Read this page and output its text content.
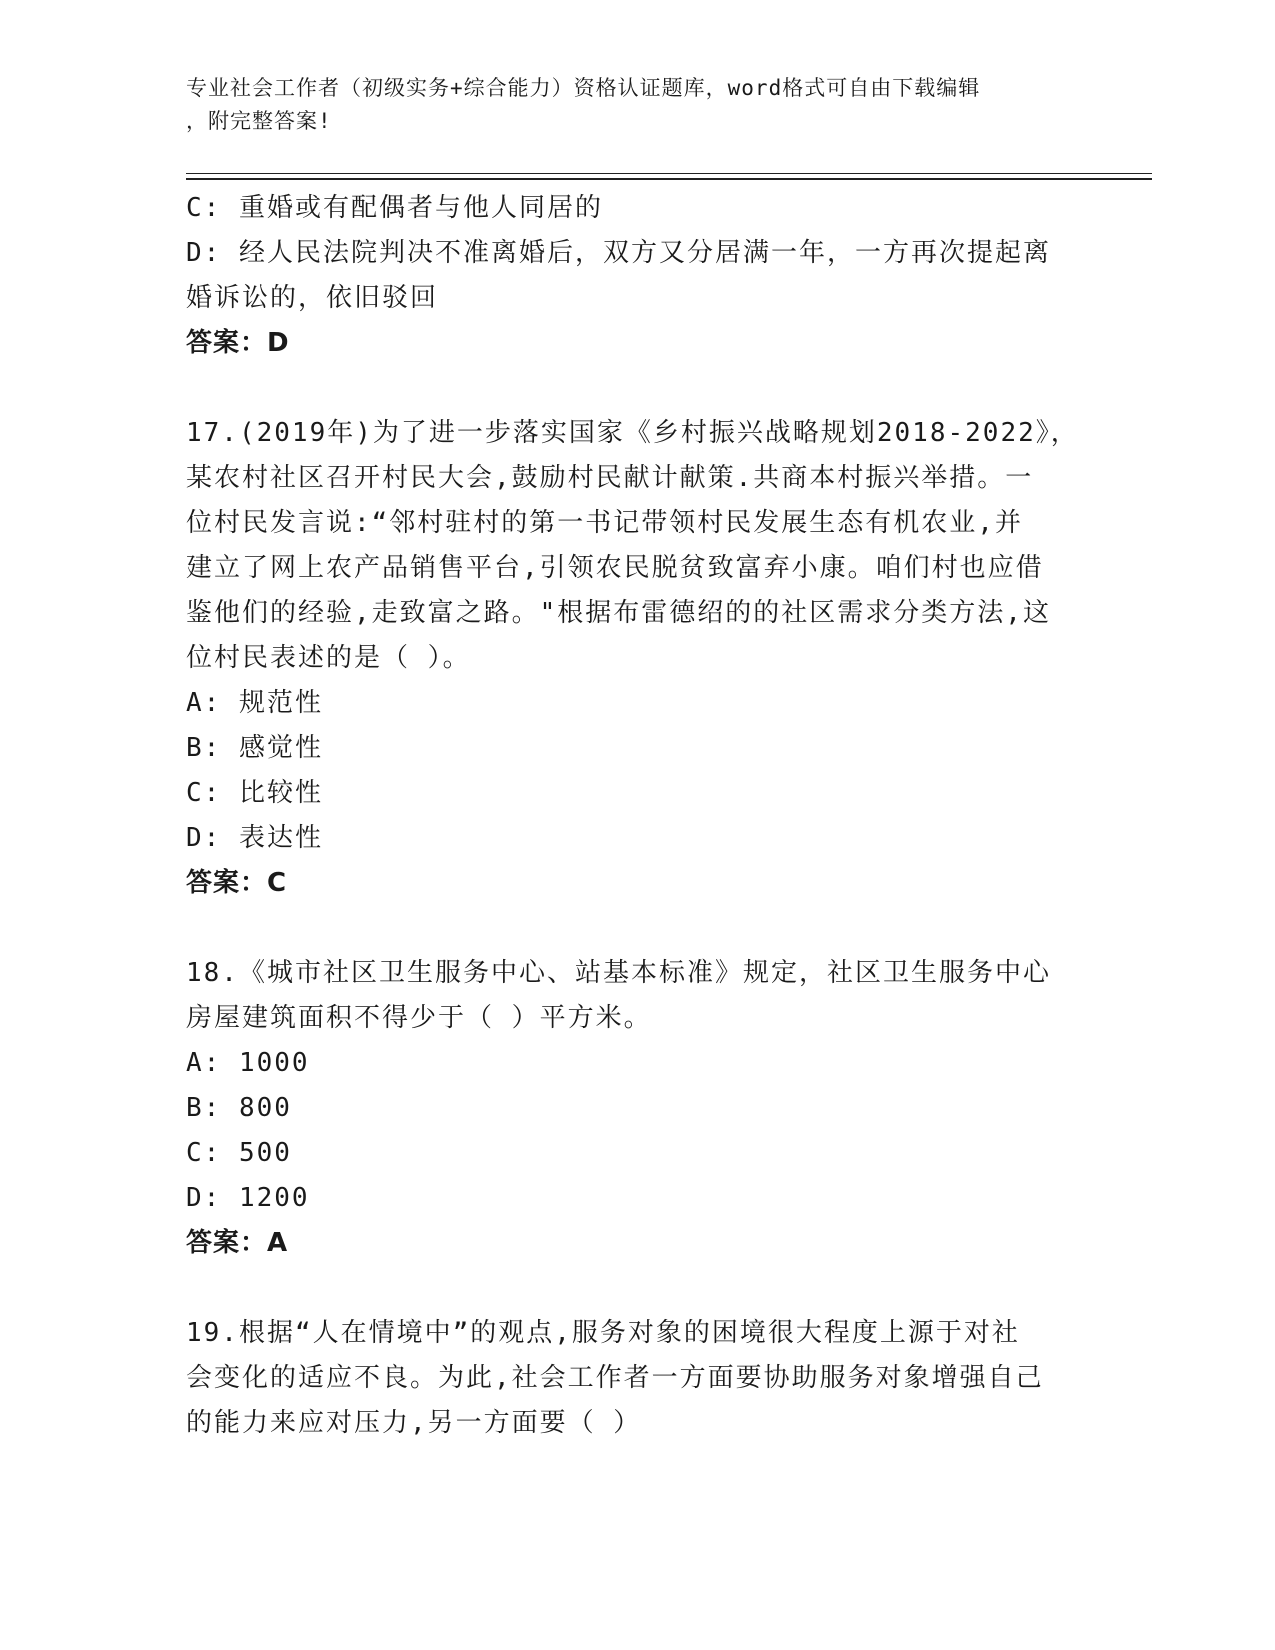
专业社会工作者（初级实务+综合能力）资格认证题库，word格式可自由下载编辑
，附完整答案!
C: 重婚或有配偶者与他人同居的
D: 经人民法院判决不准离婚后，双方又分居满一年，一方再次提起离
婚诉讼的，依旧驳回
答案：D
17.(2019年)为了进一步落实国家《乡村振兴战略规划2018-2022》，
某农村社区召开村民大会,鼓励村民献计献策.共商本村振兴举措。一
位村民发言说:“邻村驻村的第一书记带领村民发展生态有机农业,并
建立了网上农产品销售平台,引领农民脱贫致富弃小康。咱们村也应借
鉴他们的经验,走致富之路。"根据布雷德绍的的社区需求分类方法,这
位村民表述的是（ ）。
A: 规范性
B: 感觉性
C: 比较性
D: 表达性
答案：C
18.《城市社区卫生服务中心、站基本标准》规定，社区卫生服务中心
房屋建筑面积不得少于（ ）平方米。
A: 1000
B: 800
C: 500
D: 1200
答案：A
19.根据“人在情境中”的观点,服务对象的困境很大程度上源于对社
会变化的适应不良。为此,社会工作者一方面要协助服务对象增强自己
的能力来应对压力,另一方面要（ ）
